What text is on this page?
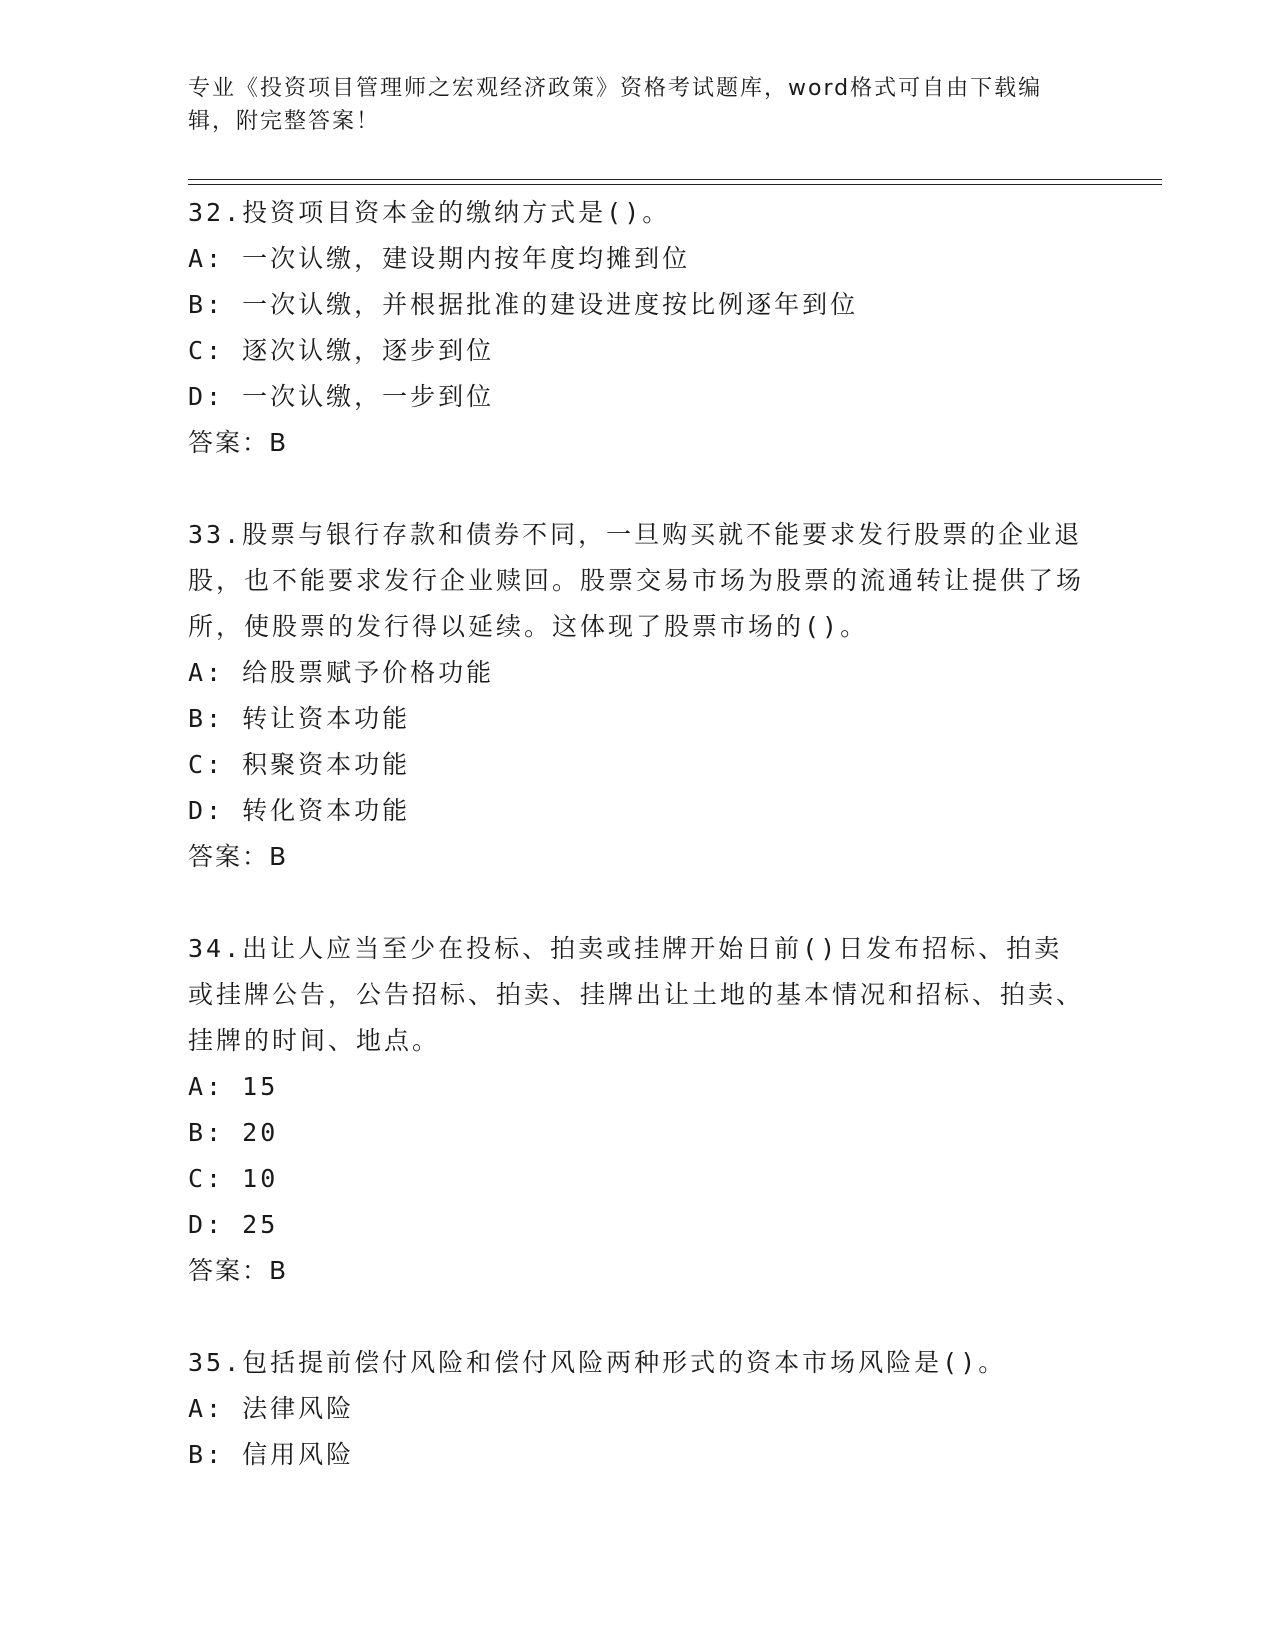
专业《投资项目管理师之宏观经济政策》资格考试题库，word格式可自由下载编辑，附完整答案！

32.投资项目资本金的缴纳方式是()。

A: 一次认缴，建设期内按年度均摊到位

B: 一次认缴，并根据批准的建设进度按比例逐年到位

C: 逐次认缴，逐步到位

D: 一次认缴，一步到位

答案：B

33.股票与银行存款和债券不同，一旦购买就不能要求发行股票的企业退股，也不能要求发行企业赎回。股票交易市场为股票的流通转让提供了场所，使股票的发行得以延续。这体现了股票市场的()。

A: 给股票赋予价格功能

B: 转让资本功能

C: 积聚资本功能

D: 转化资本功能

答案：B

34.出让人应当至少在投标、拍卖或挂牌开始日前()日发布招标、拍卖或挂牌公告，公告招标、拍卖、挂牌出让土地的基本情况和招标、拍卖、挂牌的时间、地点。

A: 15

B: 20

C: 10

D: 25

答案：B

35.包括提前偿付风险和偿付风险两种形式的资本市场风险是()。

A: 法律风险

B: 信用风险
